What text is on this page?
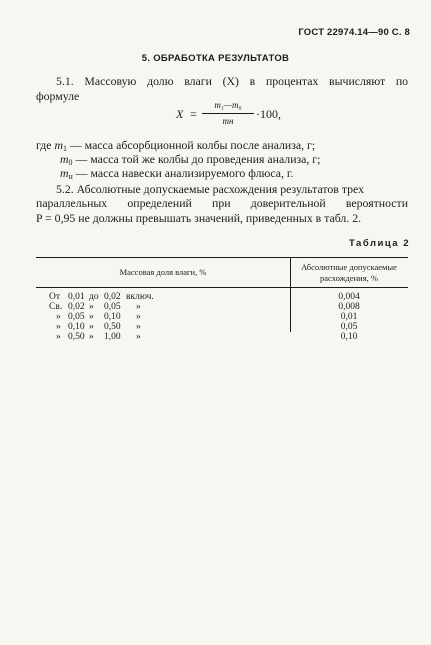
ГОСТ 22974.14—90 С. 8
5. ОБРАБОТКА РЕЗУЛЬТАТОВ
5.1. Массовую долю влаги (X) в процентах вычисляют по
формуле
X =
m₁—m₀
mн	·100,
где m1 — масса абсорбционной колбы после анализа, г;
m0 — масса той же колбы до проведения анализа, г;
mн — масса навески анализируемого флюса, г.
5.2. Абсолютные допускаемые расхождения результатов трех
параллельных определений при доверительной вероятности
P = 0,95 не должны превышать значений, приведенных в табл. 2.
Таблица 2
Массовая доля влаги, %	Абсолютные допускаемые
расхождения, %
От 0,01 до 0,02 включ.	0,004
Св. 0,02 » 0,05 »	0,008
» 0,05 » 0,10 »	0,01
» 0,10 » 0,50 »	0,05
» 0,50 » 1,00 »	0,10
